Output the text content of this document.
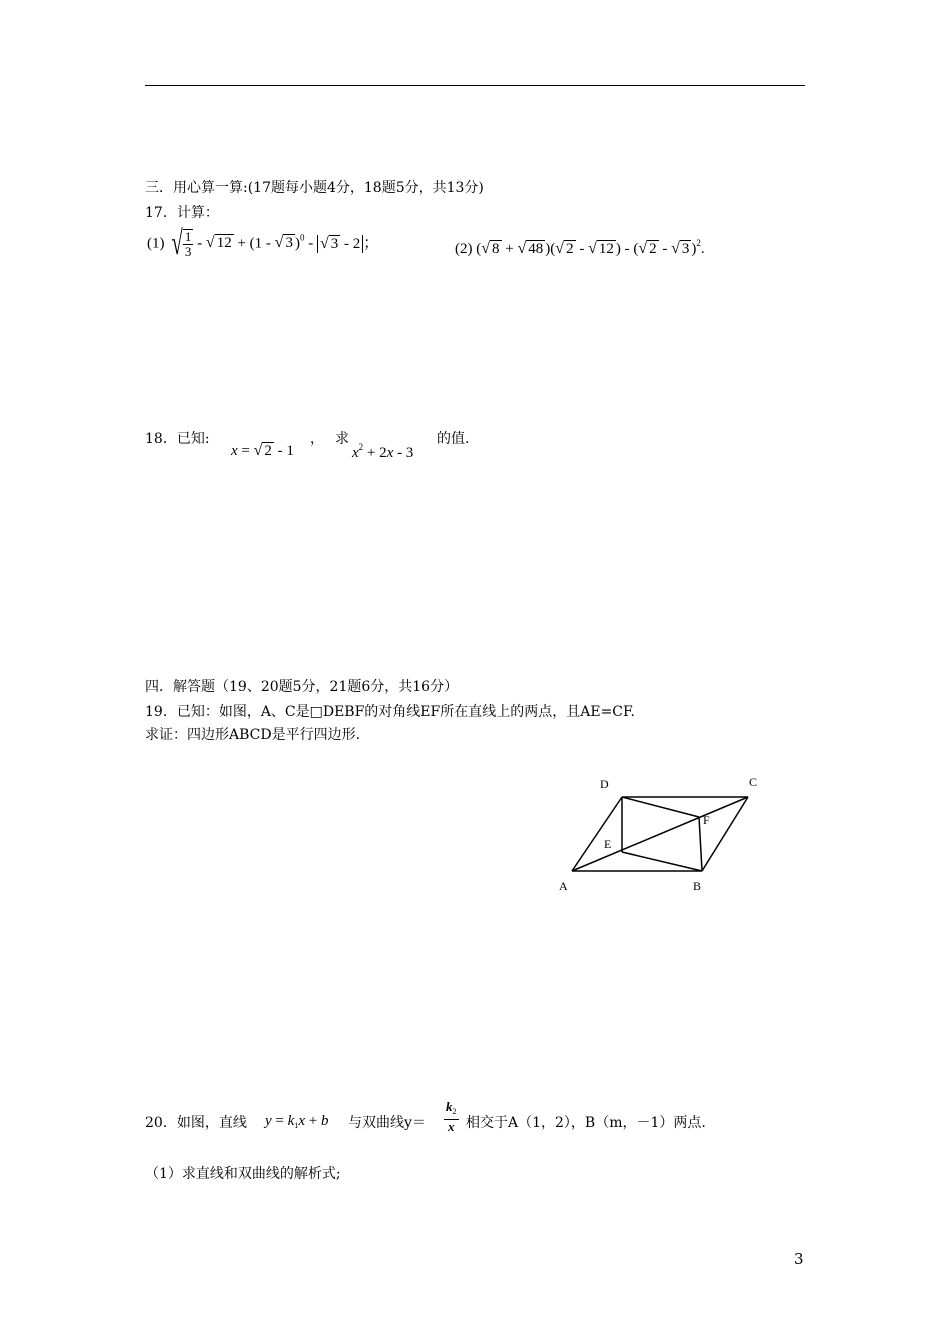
三．用心算一算:(17题每小题4分，18题5分，共13分)
17．计算：
(1) √ $\frac{1}{3}$ - √ 12 + (1 - √ 3 )$^0$ - √ 3 - 2 ；	(2) (√ 8 + √ 48 )(√ 2 - √ 12 ) - (√ 2 - √ 3 )$^2$.
18．已知:
x = √ 2 - 1
， 求
$x^2 + 2x - 3$
的值.
四．解答题（19、20题5分，21题6分，共16分）
19．已知：如图，A、C是□DEBF的对角线EF所在直线上的两点，且AE=CF.
求证：四边形ABCD是平行四边形.
D	C
F
E
A	B
20．如图，直线 $y = k_1x + b$ 与双曲线$y= \frac{k_2}{x}$ 相交于A（1，2），B（m，－1）两点.
（1）求直线和双曲线的解析式;
3
